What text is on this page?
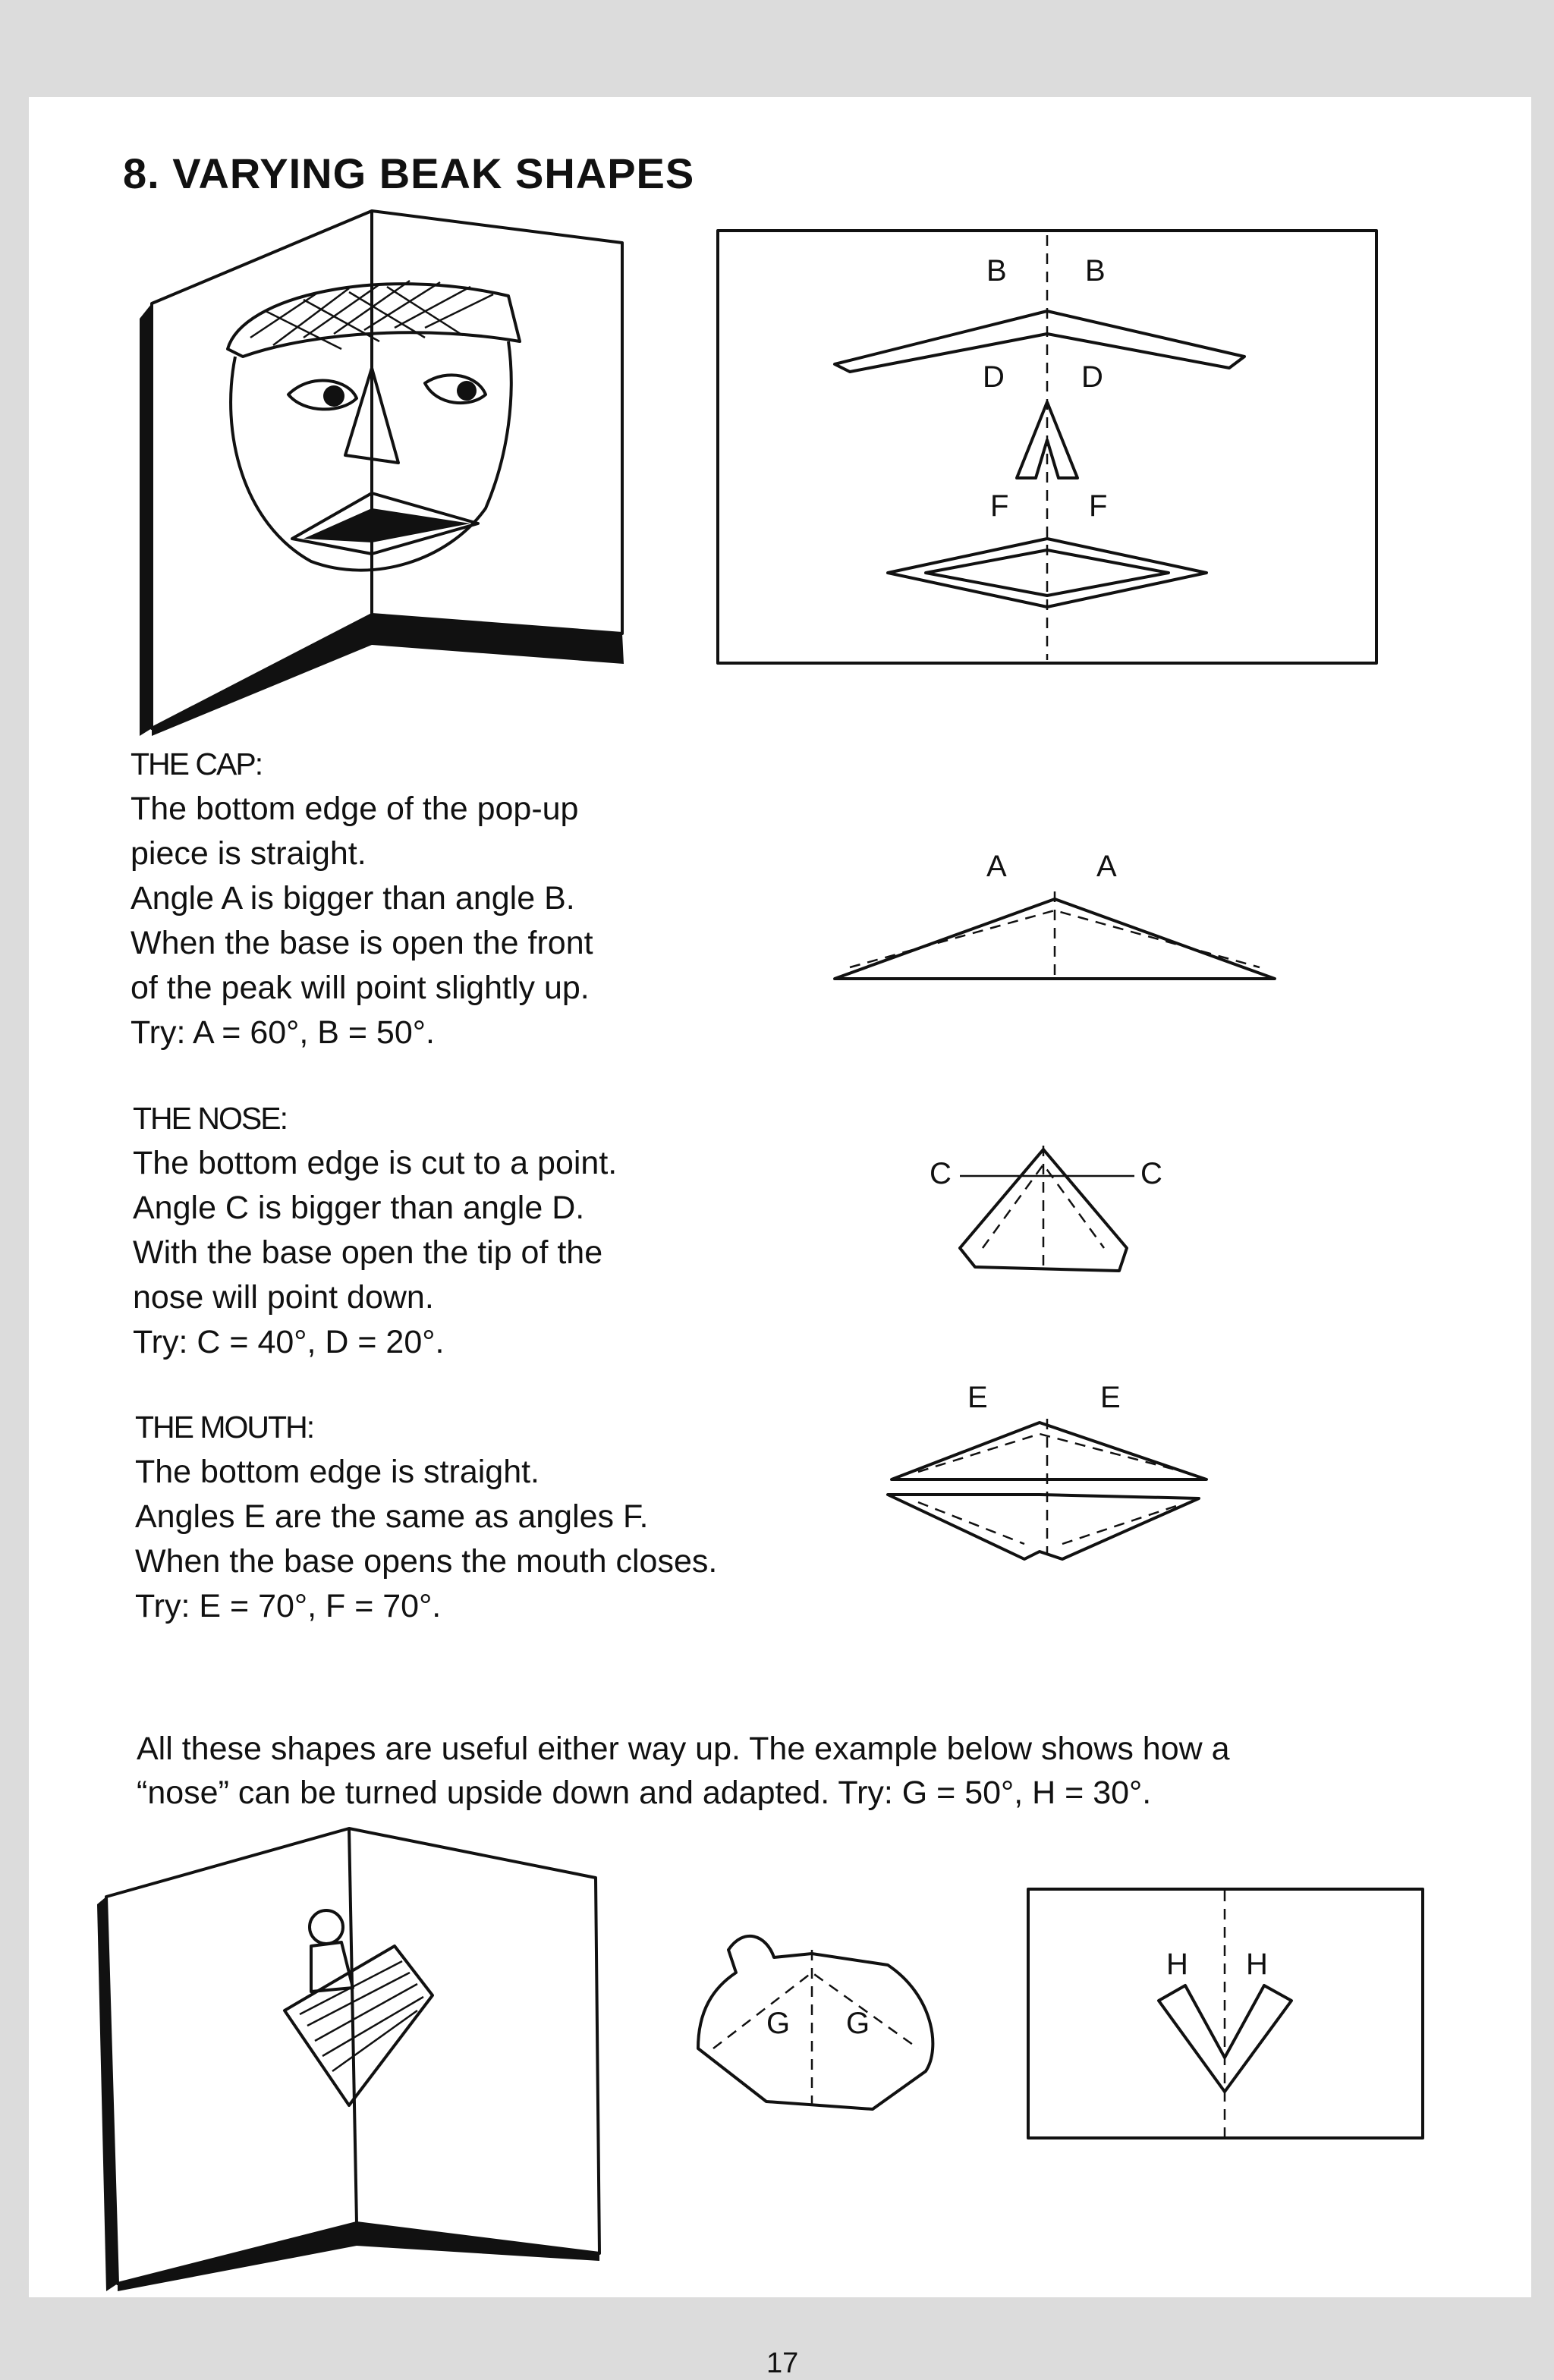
8. VARYING BEAK SHAPES
B	B
D	D
F	F
THE CAP:

The bottom edge of the pop-up

piece is straight.

Angle A is bigger than angle B.

When the base is open the front

of the peak will point slightly up.

Try: A = 60°, B = 50°.

A	A
THE NOSE:

The bottom edge is cut to a point.

Angle C is bigger than angle D.

With the base open the tip of the

nose will point down.

Try: C = 40°, D = 20°.

C	C
THE MOUTH:

The bottom edge is straight.

Angles E are the same as angles F.

When the base opens the mouth closes.

Try: E = 70°, F = 70°.

E	E

All these shapes are useful either way up. The example below shows how a

“nose” can be turned upside down and adapted. Try: G = 50°, H = 30°.

G G
H H
17
